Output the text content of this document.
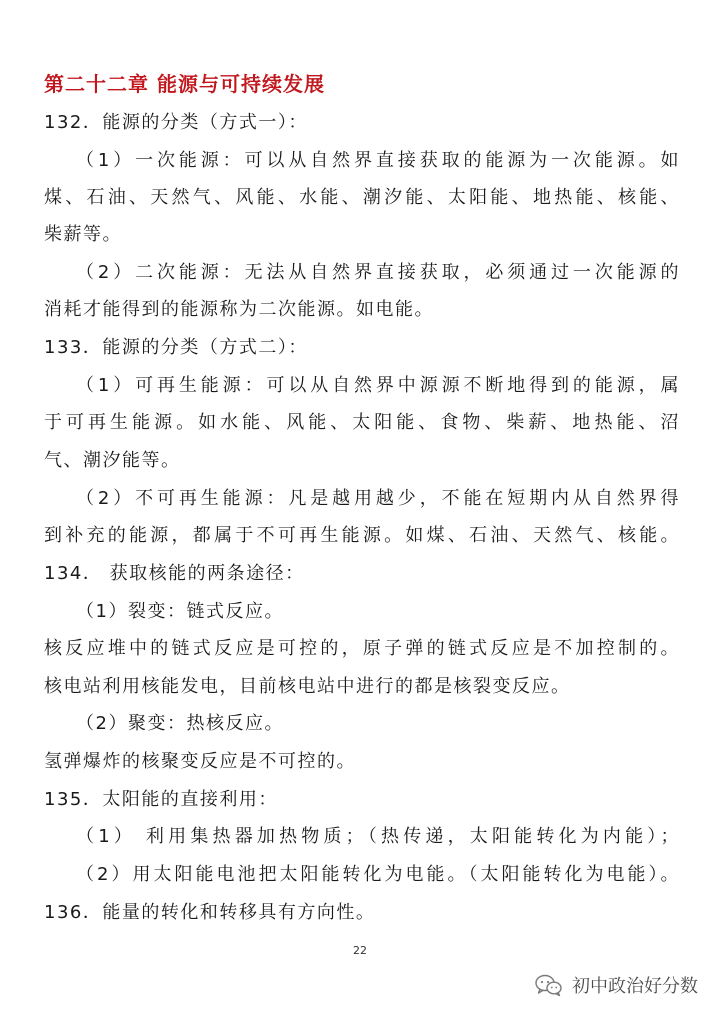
第二十二章 能源与可持续发展
132．能源的分类（方式一）：
（1）一次能源：可以从自然界直接获取的能源为一次能源。如
煤、石油、天然气、风能、水能、潮汐能、太阳能、地热能、核能、
柴薪等。
（2）二次能源：无法从自然界直接获取，必须通过一次能源的
消耗才能得到的能源称为二次能源。如电能。
133．能源的分类（方式二）：
（1）可再生能源：可以从自然界中源源不断地得到的能源，属
于可再生能源。如水能、风能、太阳能、食物、柴薪、地热能、沼
气、潮汐能等。
（2）不可再生能源：凡是越用越少，不能在短期内从自然界得
到补充的能源，都属于不可再生能源。如煤、石油、天然气、核能。
134． 获取核能的两条途径：
（1）裂变：链式反应。
核反应堆中的链式反应是可控的，原子弹的链式反应是不加控制的。
核电站利用核能发电，目前核电站中进行的都是核裂变反应。
（2）聚变：热核反应。
氢弹爆炸的核聚变反应是不可控的。
135．太阳能的直接利用：
（1） 利用集热器加热物质；（热传递，太阳能转化为内能）；
（2）用太阳能电池把太阳能转化为电能。（太阳能转化为电能）。
136．能量的转化和转移具有方向性。
22
初中政治好分数
